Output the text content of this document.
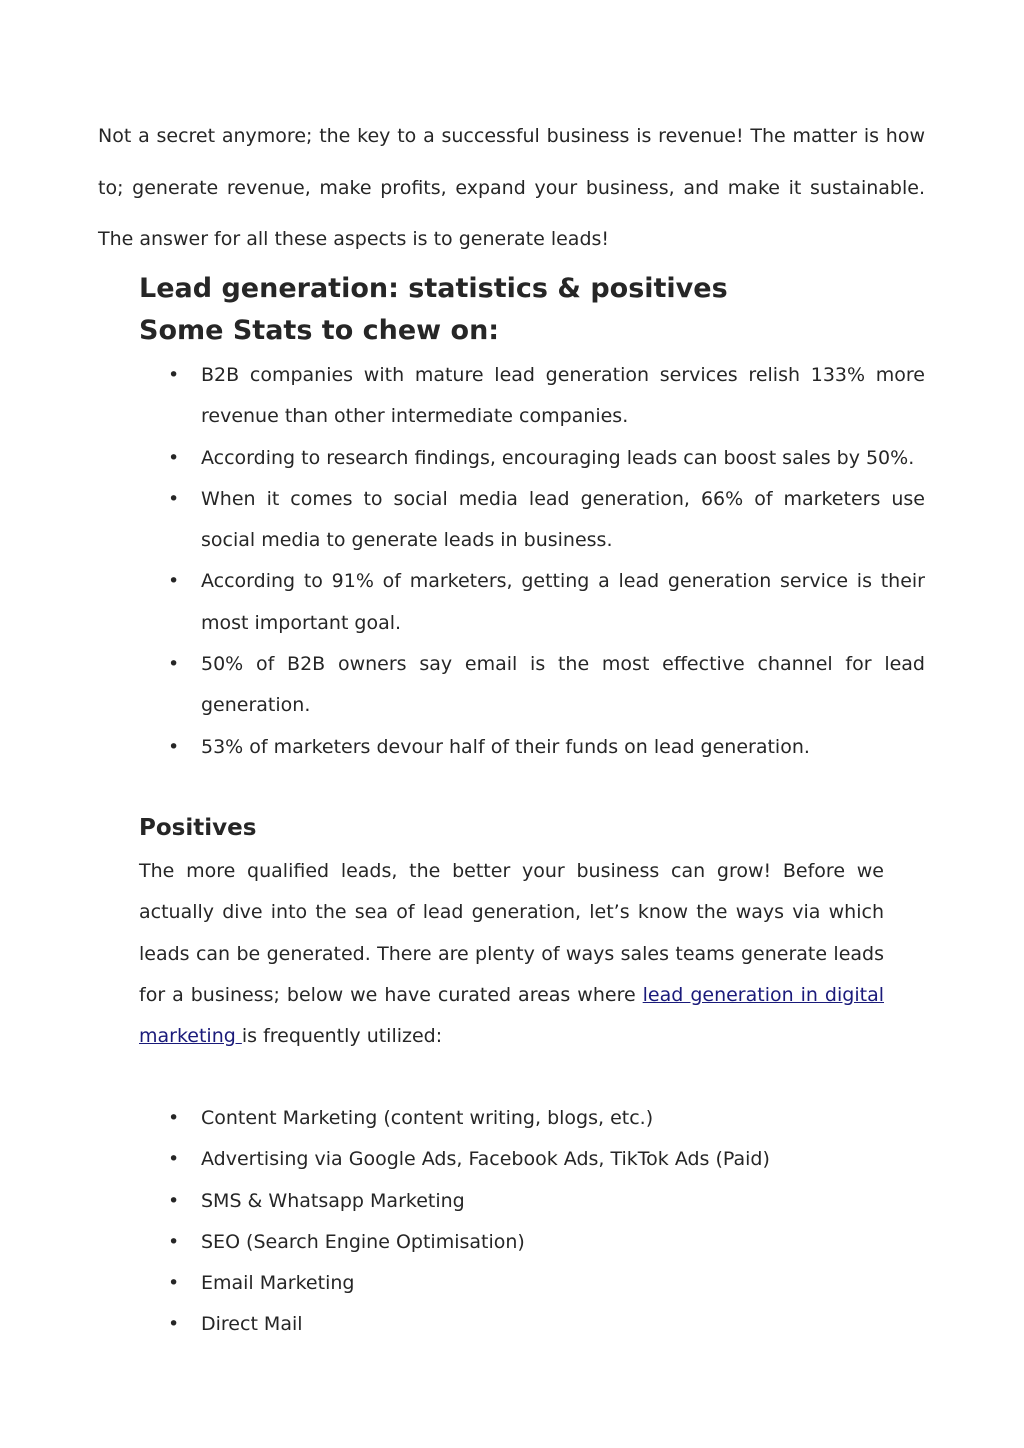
Not a secret anymore; the key to a successful business is revenue! The matter is how to; generate revenue, make profits, expand your business, and make it sustainable. The answer for all these aspects is to generate leads!

Lead generation: statistics & positives
Some Stats to chew on:
• B2B companies with mature lead generation services relish 133% more revenue than other intermediate companies.
• According to research findings, encouraging leads can boost sales by 50%.
• When it comes to social media lead generation, 66% of marketers use social media to generate leads in business.
• According to 91% of marketers, getting a lead generation service is their most important goal.
• 50% of B2B owners say email is the most effective channel for lead generation.
• 53% of marketers devour half of their funds on lead generation.
Positives

The more qualified leads, the better your business can grow! Before we actually dive into the sea of lead generation, let’s know the ways via which leads can be generated. There are plenty of ways sales teams generate leads for a business; below we have curated areas where lead generation in digital marketing is frequently utilized:

• Content Marketing (content writing, blogs, etc.)
• Advertising via Google Ads, Facebook Ads, TikTok Ads (Paid)
• SMS & Whatsapp Marketing
• SEO (Search Engine Optimisation)
• Email Marketing
• Direct Mail
